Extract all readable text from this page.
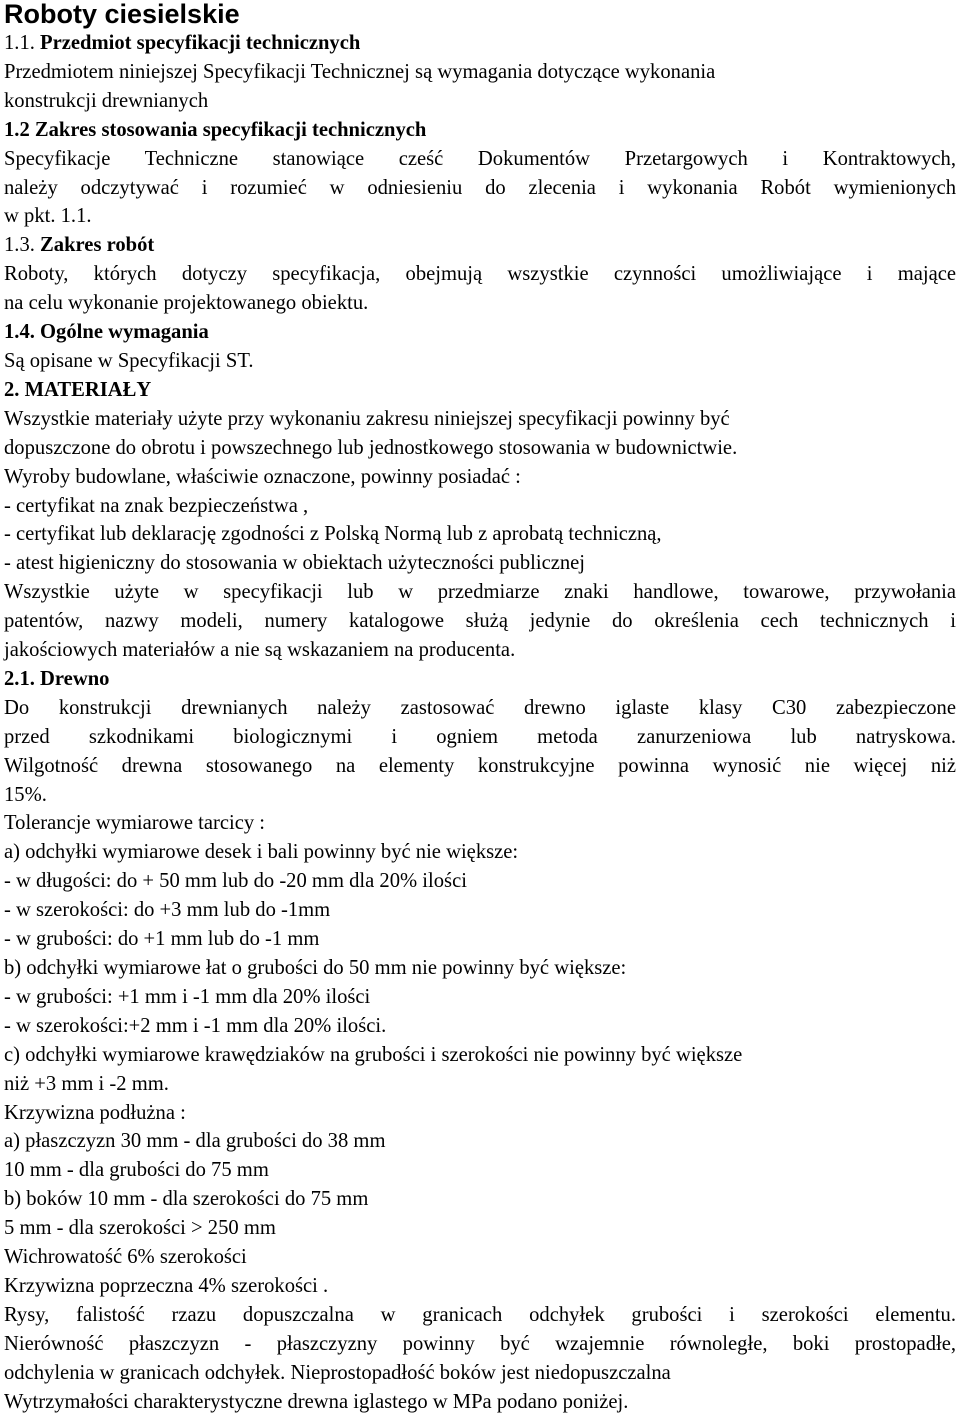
Roboty ciesielskie

1.1. Przedmiot specyfikacji technicznych

Przedmiotem niniejszej Specyfikacji Technicznej są wymagania dotyczące wykonania

konstrukcji drewnianych

1.2 Zakres stosowania specyfikacji technicznych

Specyfikacje Techniczne stanowiące cześć Dokumentów Przetargowych i Kontraktowych,

należy odczytywać i rozumieć w odniesieniu do zlecenia i wykonania Robót wymienionych

w pkt. 1.1.

1.3. Zakres robót

Roboty, których dotyczy specyfikacja, obejmują wszystkie czynności umożliwiające i mające

na celu wykonanie projektowanego obiektu.

1.4. Ogólne wymagania

Są opisane w Specyfikacji ST.

2. MATERIAŁY

Wszystkie materiały użyte przy wykonaniu zakresu niniejszej specyfikacji powinny być

dopuszczone do obrotu i powszechnego lub jednostkowego stosowania w budownictwie.

Wyroby budowlane, właściwie oznaczone, powinny posiadać :

- certyfikat na znak bezpieczeństwa ,

- certyfikat lub deklarację zgodności z Polską Normą lub z aprobatą techniczną,

- atest higieniczny do stosowania w obiektach użyteczności publicznej

Wszystkie użyte w specyfikacji lub w przedmiarze znaki handlowe, towarowe, przywołania

patentów, nazwy modeli, numery katalogowe służą jedynie do określenia cech technicznych i

jakościowych materiałów a nie są wskazaniem na producenta.

2.1. Drewno

Do konstrukcji drewnianych należy zastosować drewno iglaste klasy C30 zabezpieczone

przed szkodnikami biologicznymi i ogniem metoda zanurzeniowa lub natryskowa.

Wilgotność drewna stosowanego na elementy konstrukcyjne powinna wynosić nie więcej niż

15%.

Tolerancje wymiarowe tarcicy :

a) odchyłki wymiarowe desek i bali powinny być nie większe:

- w długości: do + 50 mm lub do -20 mm dla 20% ilości

- w szerokości: do +3 mm lub do -1mm

- w grubości: do +1 mm lub do -1 mm

b) odchyłki wymiarowe łat o grubości do 50 mm nie powinny być większe:

- w grubości: +1 mm i -1 mm dla 20% ilości

- w szerokości:+2 mm i -1 mm dla 20% ilości.

c) odchyłki wymiarowe krawędziaków na grubości i szerokości nie powinny być większe

niż +3 mm i -2 mm.

Krzywizna podłużna :

a) płaszczyzn 30 mm - dla grubości do 38 mm

10 mm - dla grubości do 75 mm

b) boków 10 mm - dla szerokości do 75 mm

5 mm - dla szerokości > 250 mm

Wichrowatość 6% szerokości

Krzywizna poprzeczna 4% szerokości .

Rysy, falistość rzazu dopuszczalna w granicach odchyłek grubości i szerokości elementu.

Nierówność płaszczyzn - płaszczyzny powinny być wzajemnie równoległe, boki prostopadłe,

odchylenia w granicach odchyłek. Nieprostopadłość boków jest niedopuszczalna

Wytrzymałości charakterystyczne drewna iglastego w MPa podano poniżej.
